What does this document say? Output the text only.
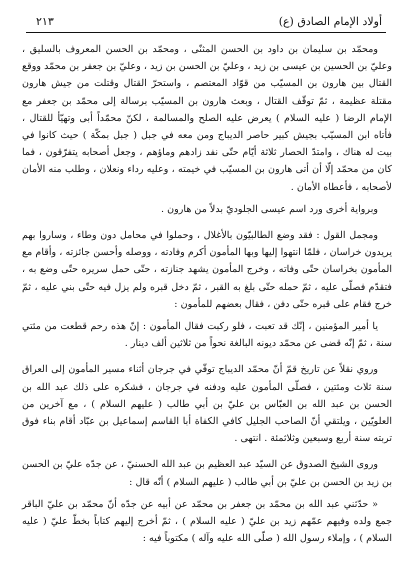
أولاد الإمام الصادق (ع)
٢١٣

ومحمّد بن سليمان بن داود بن الحسن المثنّى ، ومحمّد بن الحسن المعروف بالسليق ، وعليّ بن الحسين بن عيسى بن زيد ، وعليّ بن الحسن بن زيد ، وعليّ بن جعفر بن محمّد ووقع القتال بين هارون بن المسيّب من قوّاد المعتصم ، واستحرّ القتال وقتلت من جيش هارون مقتلة عظيمة ، ثمّ توقّف القتال ، وبعث هارون بن المسيّب برسالة إلى محمّد بن جعفر مع الإمام الرضا ( عليه السلام ) يعرض عليه الصلح والمسالمة ، لكنّ محمّداً أبى وتهيّأ للقتال ، فأتاه ابن المسيّب بجيش كبير حاصر الديباج ومن معه في جبل ( جبل بمكّة ) حيث كانوا في بيت له هناك ، وامتدّ الحصار ثلاثة أيّام حتّى نفد زادهم وماؤهم ، وجعل أصحابه يتفرّقون ، فما كان من محمّد إلّا أن أتى هارون بن المسيّب في خيمته ، وعليه رداء ونعلان ، وطلب منه الأمان لأصحابه ، فأعطاه الأمان .

وبرواية أخرى ورد اسم عيسى الجلوديّ بدلاً من هارون .

ومجمل القول : فقد وضع الطالبيّون بالأغلال ، وحملوا في محامل دون وطاء ، وساروا بهم يريدون خراسان ، فلمّا انتهوا إليها وبها المأمون أكرم وفادته ، ووصله وأحسن جائزته ، وأقام مع المأمون بخراسان حتّى وفاته ، وخرج المأمون يشهد جنازته ، حتّى حمل سريره حتّى وضع به ، فتقدّم فصلّى عليه ، ثمّ حمله حتّى بلغ به القبر ، ثمّ دخل قبره ولم يزل فيه حتّى بني عليه ، ثمّ خرج فقام على قبره حتّى دفن ، فقال بعضهم للمأمون :

يا أمير المؤمنين ، إنّك قد تعبت ، فلو ركبت فقال المأمون : إنّ هذه رحم قطعت من مئتي سنة ، ثمّ إنّه قضى عن محمّد ديونه البالغة نحواً من ثلاثين ألف دينار .

وروي نقلاً عن تاريخ قمّ أنّ محمّد الديباج توفّي في جرجان أثناء مسير المأمون إلى العراق سنة ثلاث ومئتين ، فصلّى المأمون عليه ودفنه في جرجان ، فشكره على ذلك عبد الله بن الحسن بن عبد الله بن العبّاس بن عليّ بن أبي طالب ( عليهم السلام ) ، مع آخرين من العلويّين ، ويلتقي أنّ الصاحب الجليل كافي الكفاة أبا القاسم إسماعيل بن عبّاد أقام بناء فوق تربته سنة أربع وسبعين وثلاثمئة . انتهى .

وروى الشيخ الصدوق عن السيّد عبد العظيم بن عبد الله الحسنيّ ، عن جدّه عليّ بن الحسن بن زيد بن الحسن بن عليّ بن أبي طالب ( عليهم السلام ) أنّه قال :

« حدّثني عبد الله بن محمّد بن جعفر بن محمّد عن أبيه عن جدّه أنّ محمّد بن عليّ الباقر جمع ولده وفيهم عمّهم زيد بن عليّ ( عليه السلام ) ، ثمّ أخرج إليهم كتاباً بخطّ عليّ ( عليه السلام ) ، وإملاء رسول الله ( صلّى الله عليه وآله ) مكتوباً فيه :
